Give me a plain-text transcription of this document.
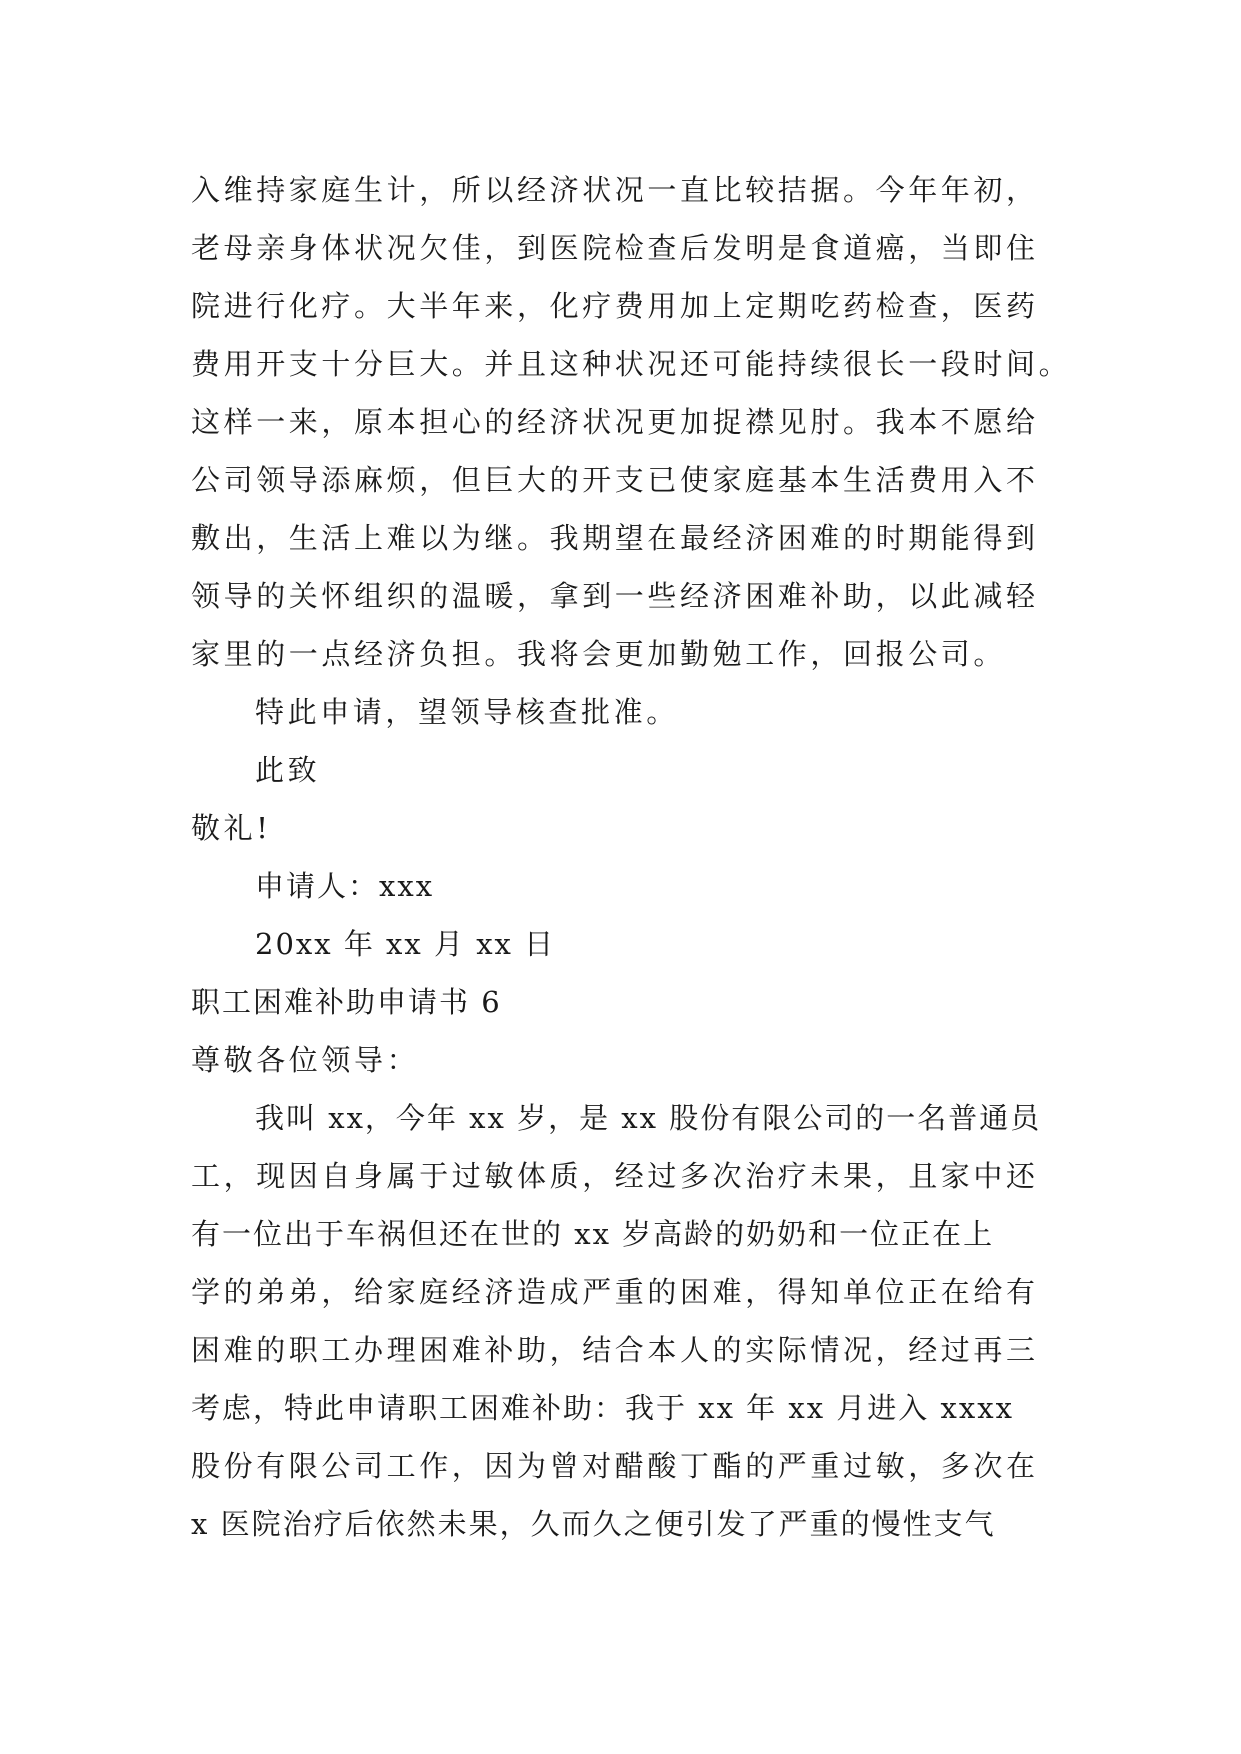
入维持家庭生计，所以经济状况一直比较拮据。今年年初，
老母亲身体状况欠佳，到医院检查后发明是食道癌，当即住
院进行化疗。大半年来，化疗费用加上定期吃药检查，医药
费用开支十分巨大。并且这种状况还可能持续很长一段时间。
这样一来，原本担心的经济状况更加捉襟见肘。我本不愿给
公司领导添麻烦，但巨大的开支已使家庭基本生活费用入不
敷出，生活上难以为继。我期望在最经济困难的时期能得到
领导的关怀组织的温暖，拿到一些经济困难补助，以此减轻
家里的一点经济负担。我将会更加勤勉工作，回报公司。
特此申请，望领导核查批准。
此致
敬礼!
申请人：xxx
20xx 年 xx 月 xx 日
职工困难补助申请书 6
尊敬各位领导：
我叫 xx，今年 xx 岁，是 xx 股份有限公司的一名普通员
工，现因自身属于过敏体质，经过多次治疗未果，且家中还
有一位出于车祸但还在世的 xx 岁高龄的奶奶和一位正在上
学的弟弟，给家庭经济造成严重的困难，得知单位正在给有
困难的职工办理困难补助，结合本人的实际情况，经过再三
考虑，特此申请职工困难补助：我于 xx 年 xx 月进入 xxxx
股份有限公司工作，因为曾对醋酸丁酯的严重过敏，多次在
x 医院治疗后依然未果，久而久之便引发了严重的慢性支气
